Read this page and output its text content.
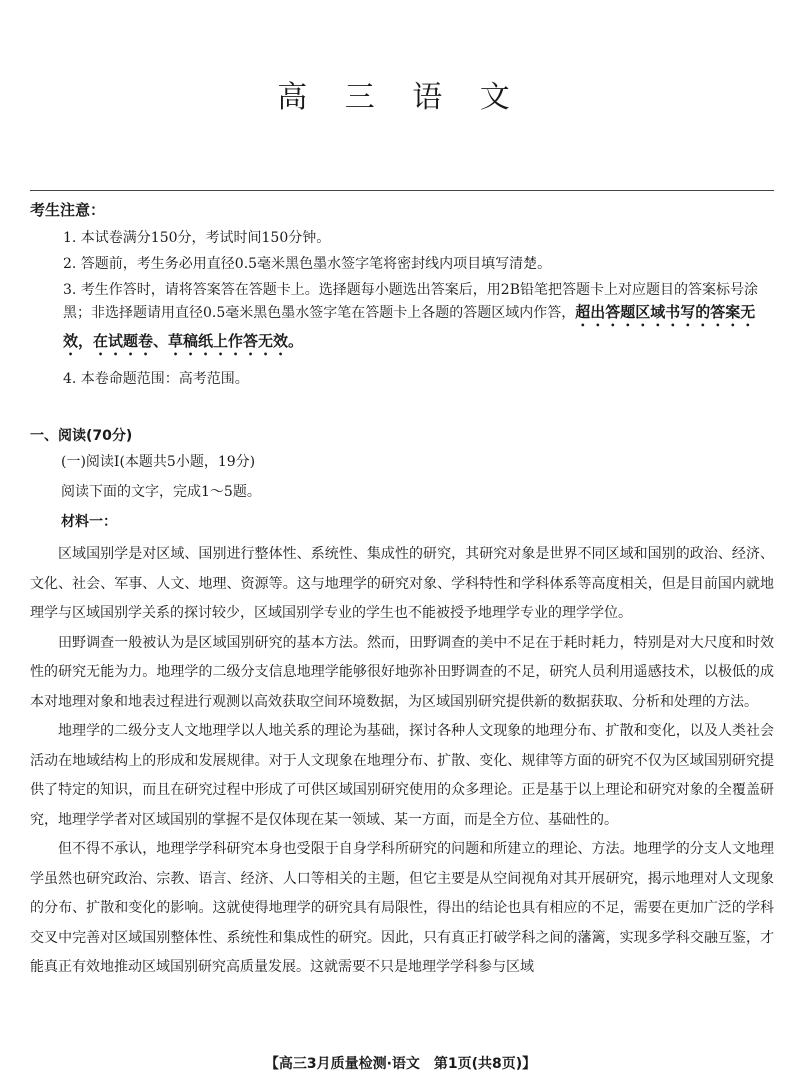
高 三 语 文
考生注意：
1. 本试卷满分150分，考试时间150分钟。
2. 答题前，考生务必用直径0.5毫米黑色墨水签字笔将密封线内项目填写清楚。
3. 考生作答时，请将答案答在答题卡上。选择题每小题选出答案后，用2B铅笔把答题卡上对应题目的答案标号涂黑；非选择题请用直径0.5毫米黑色墨水签字笔在答题卡上各题的答题区域内作答，超出答题区域书写的答案无效，在试题卷、草稿纸上作答无效。
4. 本卷命题范围：高考范围。
一、阅读(70分)
(一)阅读Ⅰ(本题共5小题，19分)
阅读下面的文字，完成1～5题。
材料一：

区域国别学是对区域、国别进行整体性、系统性、集成性的研究，其研究对象是世界不同区域和国别的政治、经济、文化、社会、军事、人文、地理、资源等。这与地理学的研究对象、学科特性和学科体系等高度相关，但是目前国内就地理学与区域国别学关系的探讨较少，区域国别学专业的学生也不能被授予地理学专业的理学学位。

田野调查一般被认为是区域国别研究的基本方法。然而，田野调查的美中不足在于耗时耗力，特别是对大尺度和时效性的研究无能为力。地理学的二级分支信息地理学能够很好地弥补田野调查的不足，研究人员利用遥感技术，以极低的成本对地理对象和地表过程进行观测以高效获取空间环境数据，为区域国别研究提供新的数据获取、分析和处理的方法。

地理学的二级分支人文地理学以人地关系的理论为基础，探讨各种人文现象的地理分布、扩散和变化，以及人类社会活动在地域结构上的形成和发展规律。对于人文现象在地理分布、扩散、变化、规律等方面的研究不仅为区域国别研究提供了特定的知识，而且在研究过程中形成了可供区域国别研究使用的众多理论。正是基于以上理论和研究对象的全覆盖研究，地理学学者对区域国别的掌握不是仅体现在某一领域、某一方面，而是全方位、基础性的。

但不得不承认，地理学学科研究本身也受限于自身学科所研究的问题和所建立的理论、方法。地理学的分支人文地理学虽然也研究政治、宗教、语言、经济、人口等相关的主题，但它主要是从空间视角对其开展研究，揭示地理对人文现象的分布、扩散和变化的影响。这就使得地理学的研究具有局限性，得出的结论也具有相应的不足，需要在更加广泛的学科交叉中完善对区域国别整体性、系统性和集成性的研究。因此，只有真正打破学科之间的藩篱，实现多学科交融互鉴，才能真正有效地推动区域国别研究高质量发展。这就需要不只是地理学学科参与区域

【高三3月质量检测·语文　第1页(共8页)】
